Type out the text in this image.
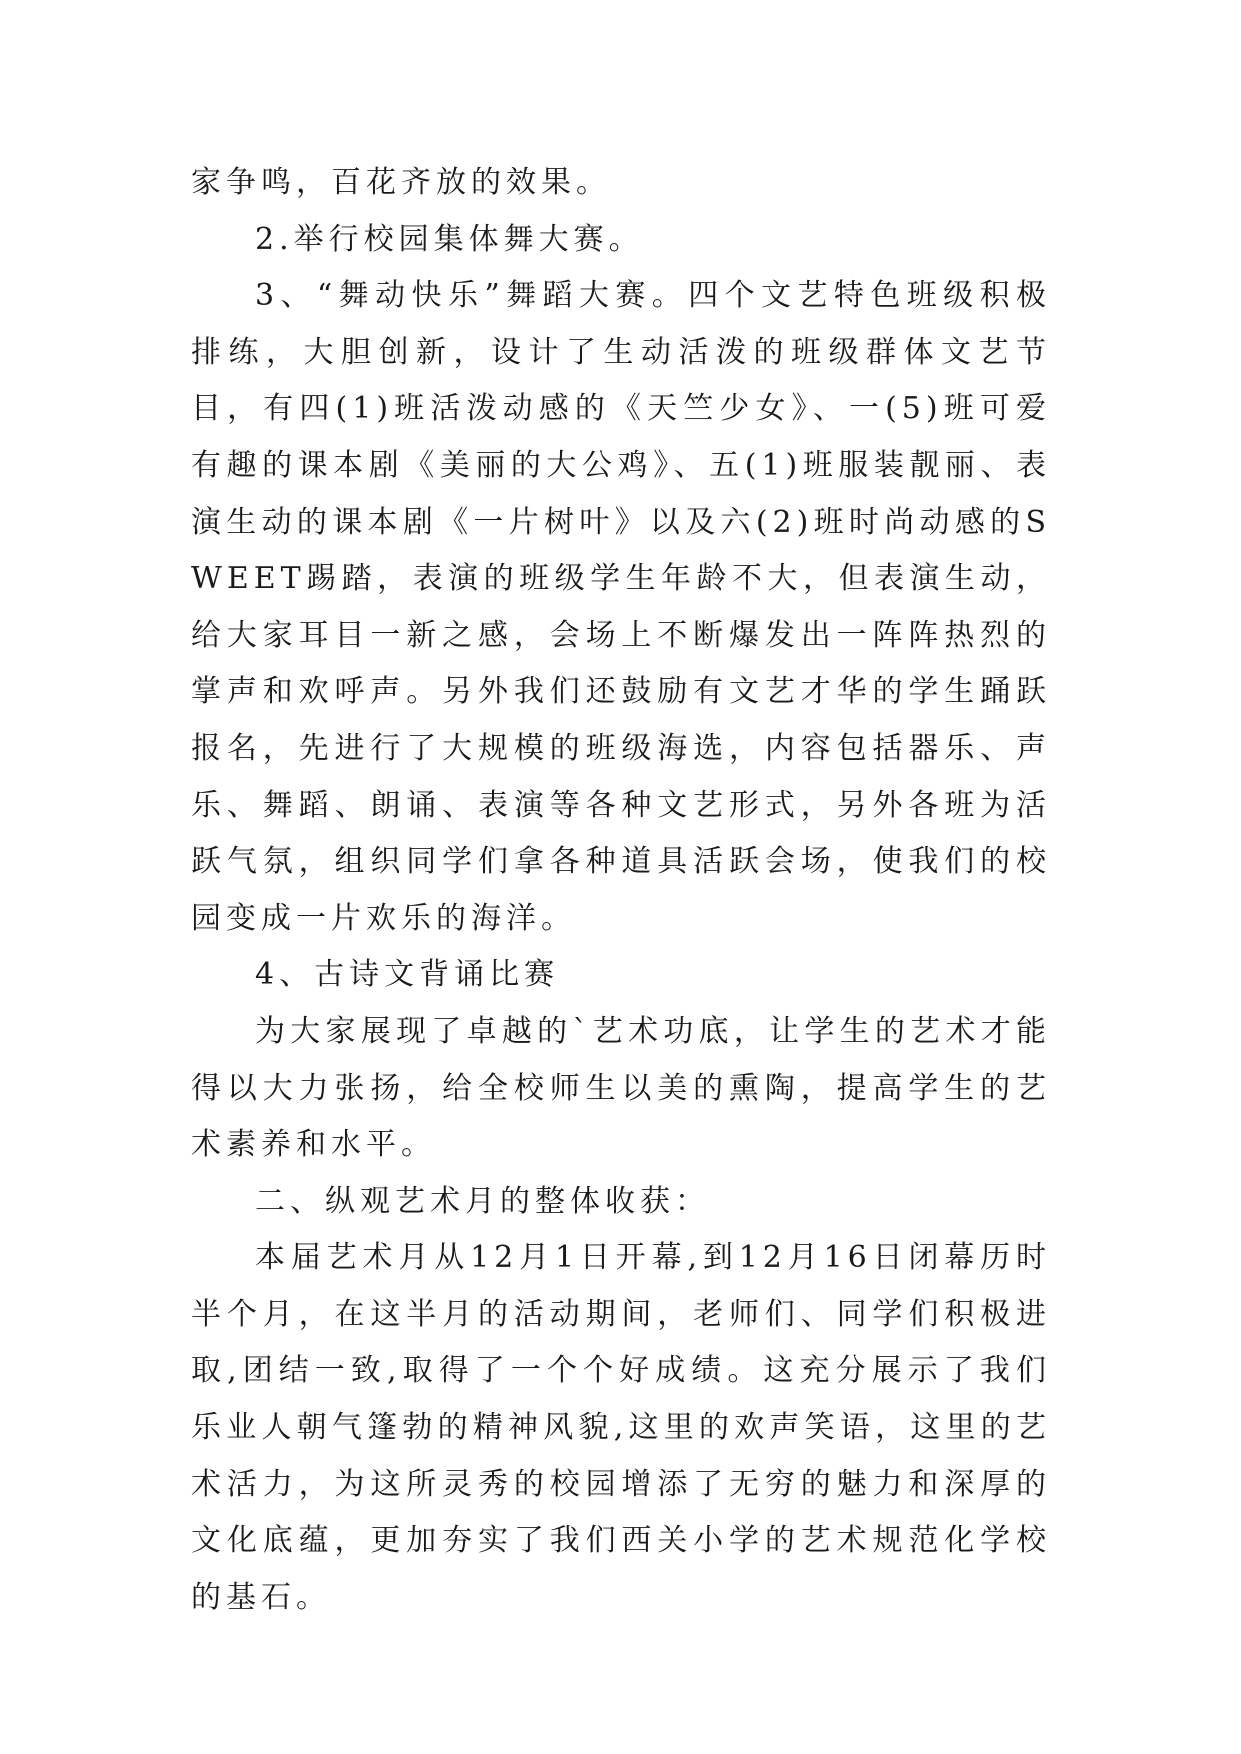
家争鸣，百花齐放的效果。

2.举行校园集体舞大赛。

3、“舞动快乐”舞蹈大赛。四个文艺特色班级积极排练，大胆创新，设计了生动活泼的班级群体文艺节目，有四(1)班活泼动感的《天竺少女》、一(5)班可爱有趣的课本剧《美丽的大公鸡》、五(1)班服装靓丽、表演生动的课本剧《一片树叶》以及六(2)班时尚动感的SWEET踢踏，表演的班级学生年龄不大，但表演生动，给大家耳目一新之感，会场上不断爆发出一阵阵热烈的掌声和欢呼声。另外我们还鼓励有文艺才华的学生踊跃报名，先进行了大规模的班级海选，内容包括器乐、声乐、舞蹈、朗诵、表演等各种文艺形式，另外各班为活跃气氛，组织同学们拿各种道具活跃会场，使我们的校园变成一片欢乐的海洋。

4、古诗文背诵比赛

为大家展现了卓越的`艺术功底，让学生的艺术才能得以大力张扬，给全校师生以美的熏陶，提高学生的艺术素养和水平。

二、纵观艺术月的整体收获：

本届艺术月从12月1日开幕,到12月16日闭幕历时半个月，在这半月的活动期间，老师们、同学们积极进取,团结一致,取得了一个个好成绩。这充分展示了我们乐业人朝气篷勃的精神风貌,这里的欢声笑语，这里的艺术活力，为这所灵秀的校园增添了无穷的魅力和深厚的文化底蕴，更加夯实了我们西关小学的艺术规范化学校的基石。
